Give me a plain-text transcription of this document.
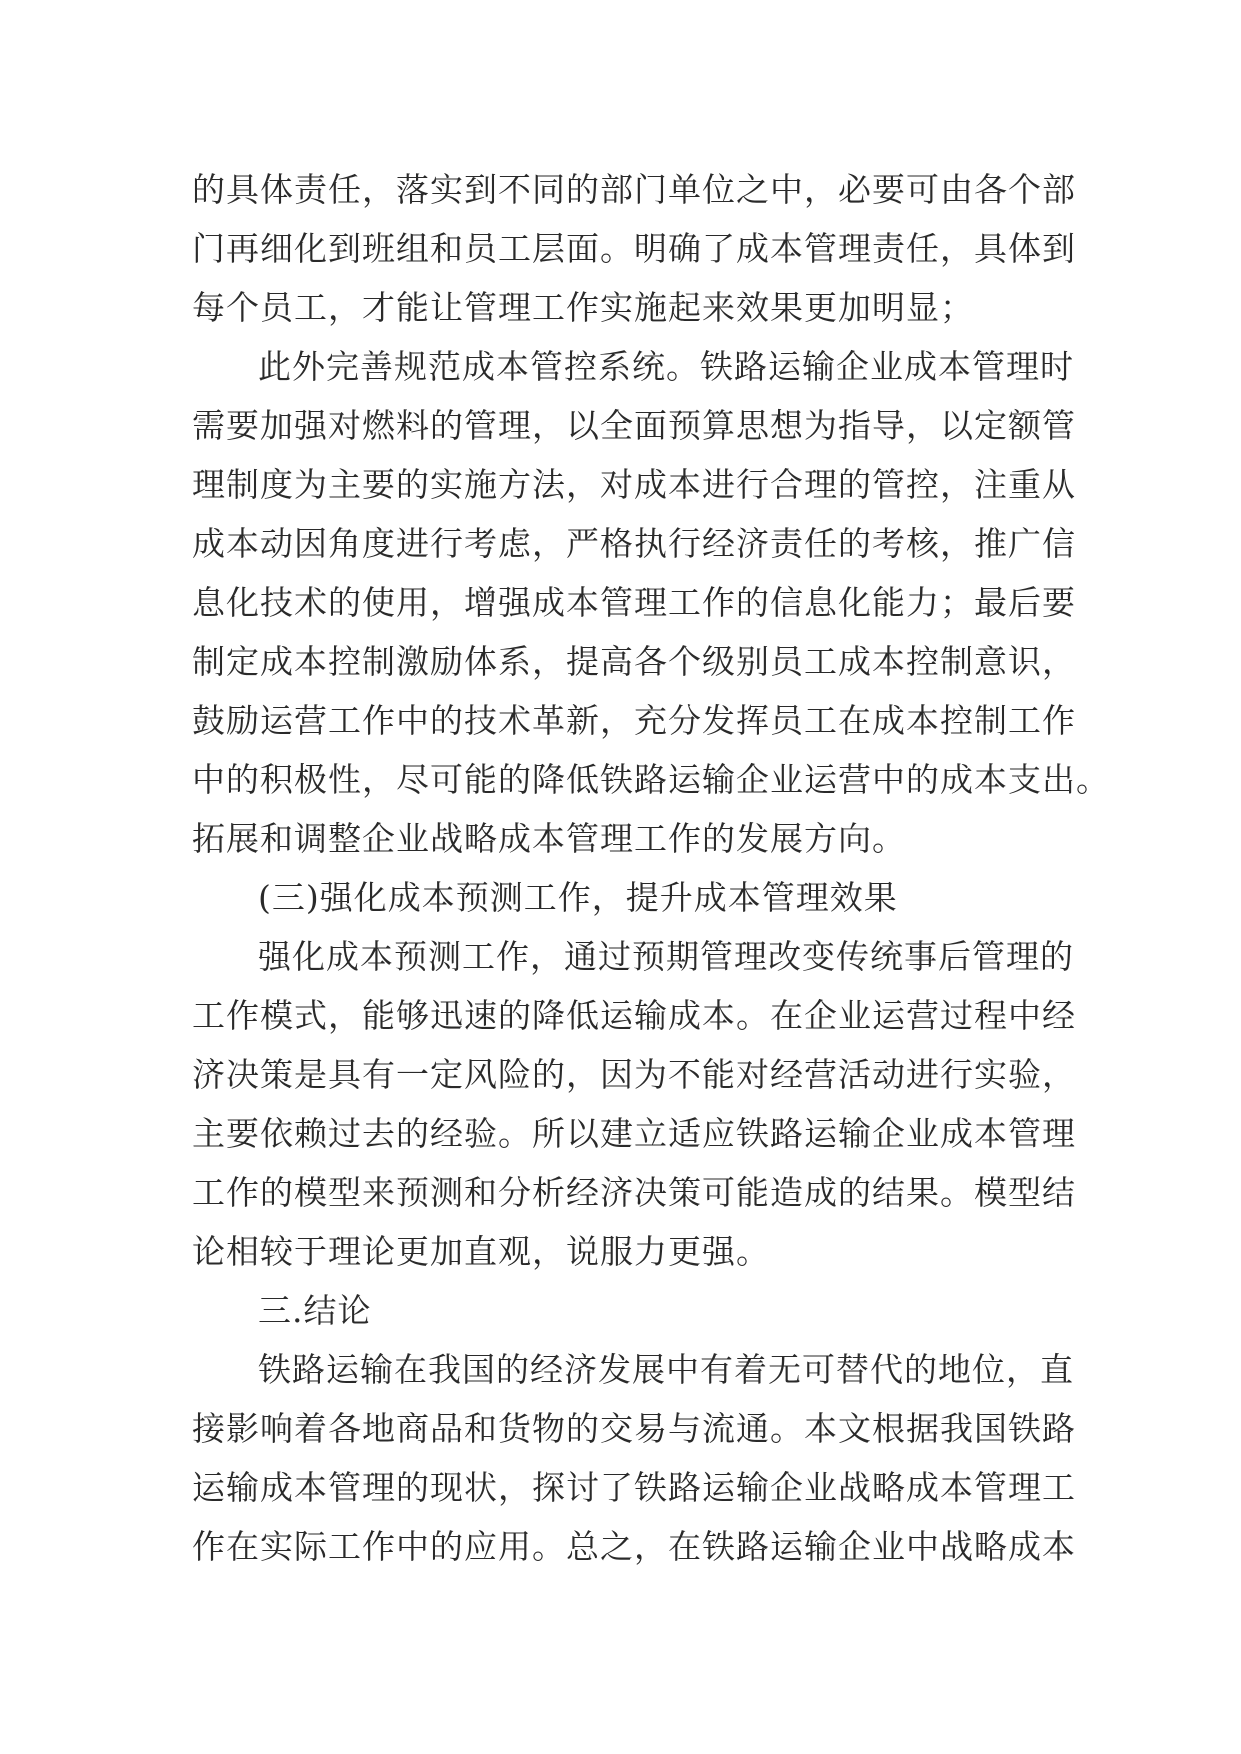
的 具 体 责 任 ， 落 实 到 不 同 的 部 门 单 位 之 中 ， 必 要 可 由 各 个 部
门 再 细 化 到 班 组 和 员 工 层 面 。 明 确 了 成 本 管 理 责 任 ， 具 体 到
每个员工，才能让管理工作实施起来效果更加明显；
此 外 完 善 规 范 成 本 管 控 系 统 。 铁 路 运 输 企 业 成 本 管 理 时
需 要 加 强 对 燃 料 的 管 理 ， 以 全 面 预 算 思 想 为 指 导 ， 以 定 额 管
理 制 度 为 主 要 的 实 施 方 法 ， 对 成 本 进 行 合 理 的 管 控 ， 注 重 从
成 本 动 因 角 度 进 行 考 虑 ， 严 格 执 行 经 济 责 任 的 考 核 ， 推 广 信
息 化 技 术 的 使 用 ， 增 强 成 本 管 理 工 作 的 信 息 化 能 力 ； 最 后 要
制 定 成 本 控 制 激 励 体 系 ， 提 高 各 个 级 别 员 工 成 本 控 制 意 识 ，
鼓 励 运 营 工 作 中 的 技 术 革 新 ， 充 分 发 挥 员 工 在 成 本 控 制 工 作
中 的 积 极 性 ， 尽 可 能 的 降 低 铁 路 运 输 企 业 运 营 中 的 成 本 支 出 。
拓展和调整企业战略成本管理工作的发展方向。
(三)强化成本预测工作，提升成本管理效果
强 化 成 本 预 测 工 作 ， 通 过 预 期 管 理 改 变 传 统 事 后 管 理 的
工 作 模 式 ， 能 够 迅 速 的 降 低 运 输 成 本 。 在 企 业 运 营 过 程 中 经
济 决 策 是 具 有 一 定 风 险 的 ， 因 为 不 能 对 经 营 活 动 进 行 实 验 ，
主 要 依 赖 过 去 的 经 验 。 所 以 建 立 适 应 铁 路 运 输 企 业 成 本 管 理
工 作 的 模 型 来 预 测 和 分 析 经 济 决 策 可 能 造 成 的 结 果 。 模 型 结
论相较于理论更加直观，说服力更强。
三.结论
铁 路 运 输 在 我 国 的 经 济 发 展 中 有 着 无 可 替 代 的 地 位 ， 直
接 影 响 着 各 地 商 品 和 货 物 的 交 易 与 流 通 。 本 文 根 据 我 国 铁 路
运 输 成 本 管 理 的 现 状 ， 探 讨 了 铁 路 运 输 企 业 战 略 成 本 管 理 工
作 在 实 际 工 作 中 的 应 用 。 总 之 ， 在 铁 路 运 输 企 业 中 战 略 成 本
